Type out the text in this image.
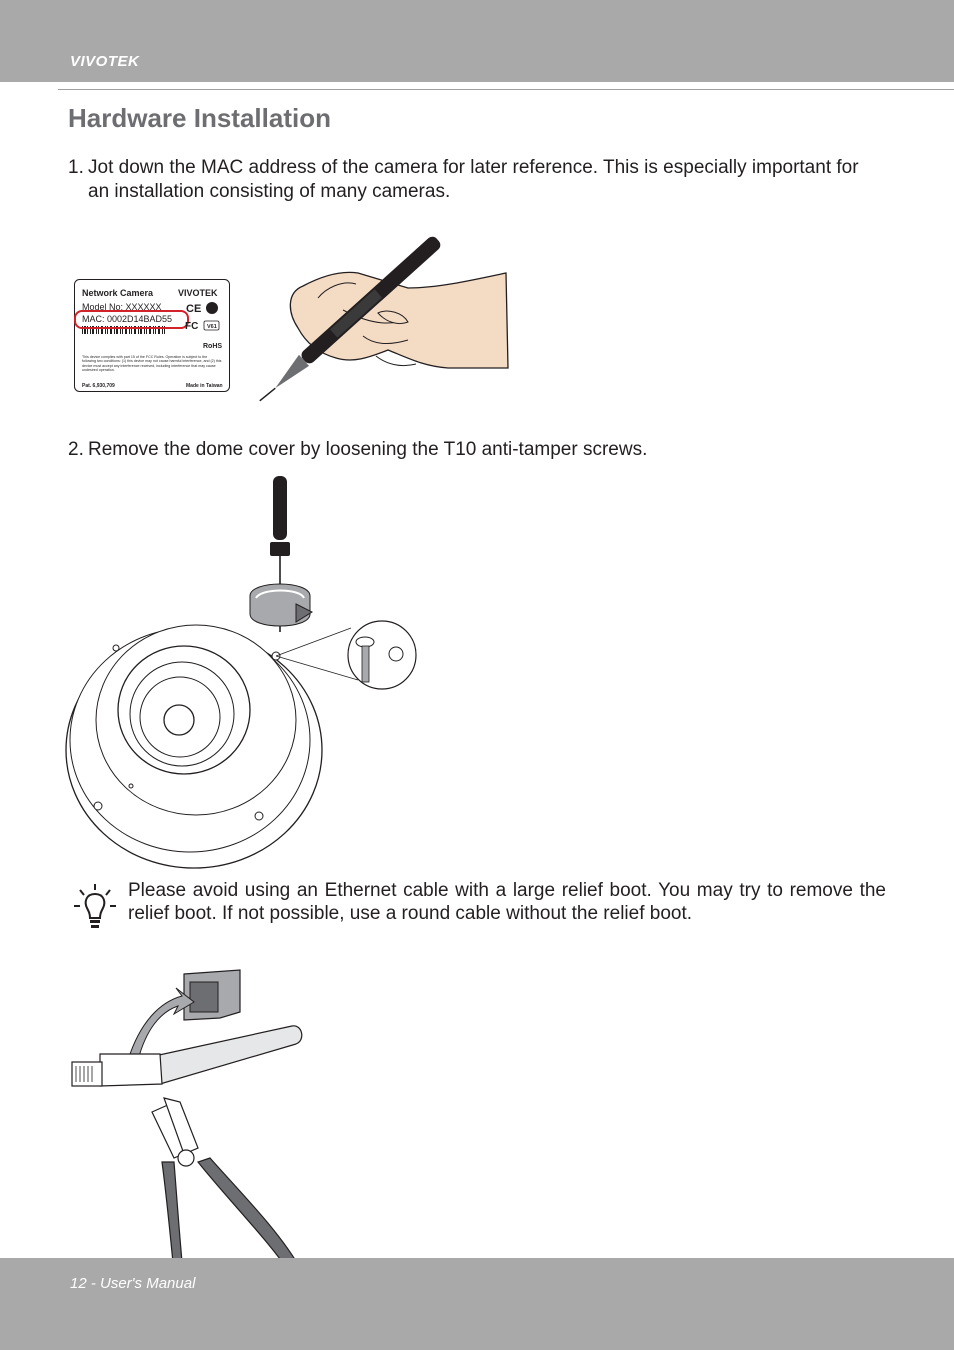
VIVOTEK
Hardware Installation
1. Jot down the MAC address of the camera for later reference. This is especially important for
an installation consisting of many cameras.
Network Camera	VIVOTEK
Model No: XXXXXX
MAC: 0002D14BAD55
CE
FC V61
RoHS
This device complies with part 15 of the FCC Rules. Operation is subject to the following two conditions: (1) this device may not cause harmful interference, and (2) this device must accept any interference received, including interference that may cause undesired operation.
Pat. 6,930,709	Made in Taiwan
2. Remove the dome cover by loosening the T10 anti-tamper screws.
Please avoid using an Ethernet cable with a large relief boot. You may try to remove the relief boot. If not possible, use a round cable without the relief boot.
12 - User's Manual
